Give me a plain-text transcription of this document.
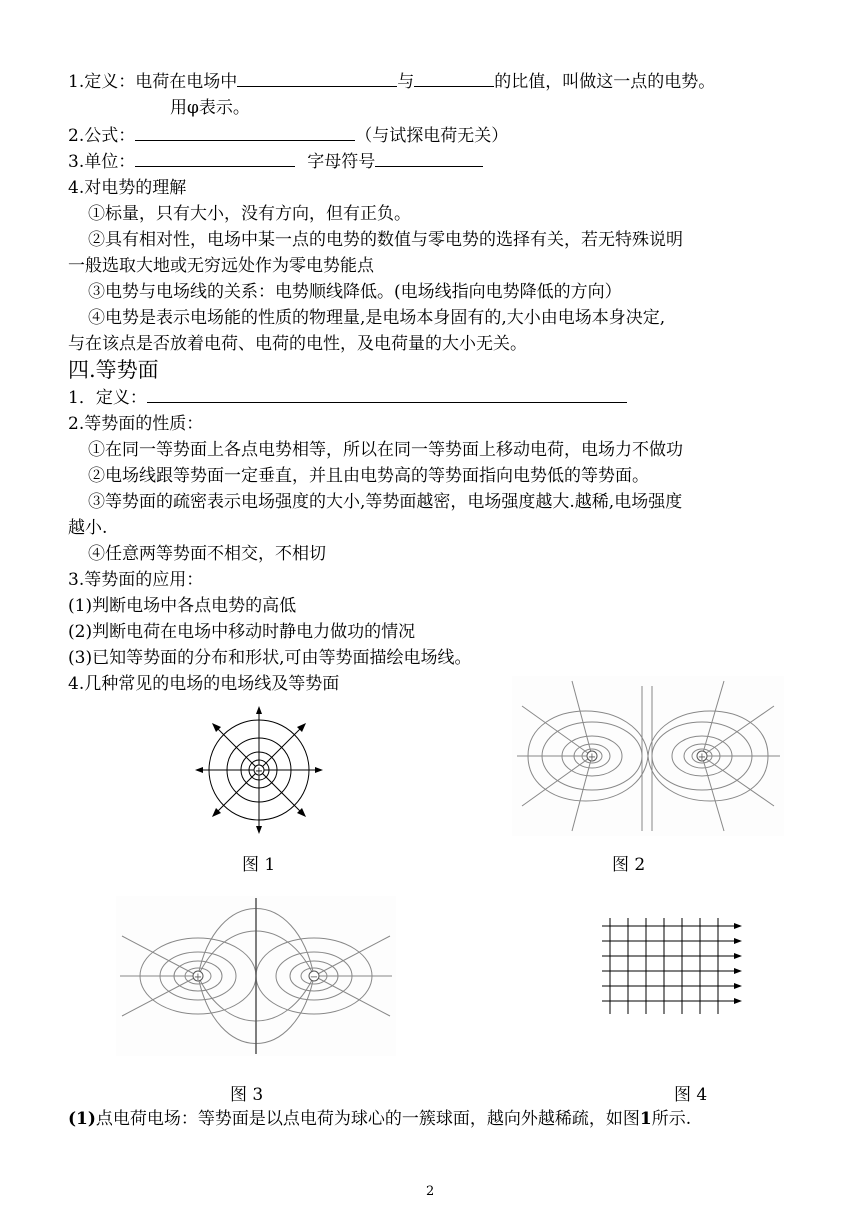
1.定义：电荷在电场中	与	的比值，叫做这一点的电势。
用φ表示。
2.公式：	（与试探电荷无关）
3.单位：	字母符号
4.对电势的理解
①标量，只有大小，没有方向，但有正负。
②具有相对性，电场中某一点的电势的数值与零电势的选择有关，若无特殊说明
一般选取大地或无穷远处作为零电势能点
③电势与电场线的关系：电势顺线降低。(电场线指向电势降低的方向）
④电势是表示电场能的性质的物理量,是电场本身固有的,大小由电场本身决定,
与在该点是否放着电荷、电荷的电性，及电荷量的大小无关。
四.等势面
1．定义：
2.等势面的性质：
①在同一等势面上各点电势相等，所以在同一等势面上移动电荷，电场力不做功
②电场线跟等势面一定垂直，并且由电势高的等势面指向电势低的等势面。
③等势面的疏密表示电场强度的大小,等势面越密，电场强度越大.越稀,电场强度
越小.
④任意两等势面不相交，不相切
3.等势面的应用：
(1)判断电场中各点电势的高低
(2)判断电荷在电场中移动时静电力做功的情况
(3)已知等势面的分布和形状,可由等势面描绘电场线。
4.几种常见的电场的电场线及等势面
+
图 1
+	+
图 2
+	−
图 3	图 4
(1)点电荷电场：等势面是以点电荷为球心的一簇球面，越向外越稀疏，如图1所示.
2
